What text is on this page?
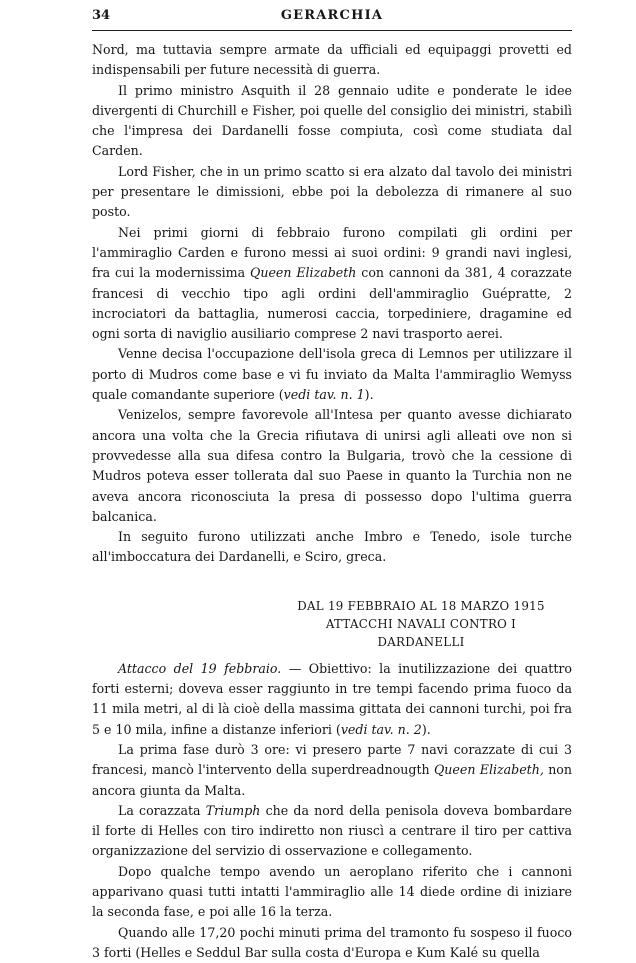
34	GERARCHIA

Nord, ma tuttavia sempre armate da ufficiali ed equipaggi provetti ed indispensabili per future necessità di guerra.

Il primo ministro Asquith il 28 gennaio udite e ponderate le idee divergenti di Churchill e Fisher, poi quelle del consiglio dei ministri, stabilì che l'impresa dei Dardanelli fosse compiuta, così come studiata dal Carden.

Lord Fisher, che in un primo scatto si era alzato dal tavolo dei ministri per presentare le dimissioni, ebbe poi la debolezza di rimanere al suo posto.

Nei primi giorni di febbraio furono compilati gli ordini per l'ammiraglio Carden e furono messi ai suoi ordini: 9 grandi navi inglesi, fra cui la modernissima Queen Elizabeth con cannoni da 381, 4 corazzate francesi di vecchio tipo agli ordini dell'ammiraglio Guépratte, 2 incrociatori da battaglia, numerosi caccia, torpediniere, dragamine ed ogni sorta di naviglio ausiliario comprese 2 navi trasporto aerei.

Venne decisa l'occupazione dell'isola greca di Lemnos per utilizzare il porto di Mudros come base e vi fu inviato da Malta l'ammiraglio Wemyss quale comandante superiore (vedi tav. n. 1).

Venizelos, sempre favorevole all'Intesa per quanto avesse dichiarato ancora una volta che la Grecia rifiutava di unirsi agli alleati ove non si provvedesse alla sua difesa contro la Bulgaria, trovò che la cessione di Mudros poteva esser tollerata dal suo Paese in quanto la Turchia non ne aveva ancora riconosciuta la presa di possesso dopo l'ultima guerra balcanica.

In seguito furono utilizzati anche Imbro e Tenedo, isole turche all'imboccatura dei Dardanelli, e Sciro, greca.

DAL 19 FEBBRAIO AL 18 MARZO 1915
ATTACCHI NAVALI CONTRO I DARDANELLI

Attacco del 19 febbraio. — Obiettivo: la inutilizzazione dei quattro forti esterni; doveva esser raggiunto in tre tempi facendo prima fuoco da 11 mila metri, al di là cioè della massima gittata dei cannoni turchi, poi fra 5 e 10 mila, infine a distanze inferiori (vedi tav. n. 2).

La prima fase durò 3 ore: vi presero parte 7 navi corazzate di cui 3 francesi, mancò l'intervento della superdreadnougth Queen Elizabeth, non ancora giunta da Malta.

La corazzata Triumph che da nord della penisola doveva bombardare il forte di Helles con tiro indiretto non riuscì a centrare il tiro per cattiva organizzazione del servizio di osservazione e collegamento.

Dopo qualche tempo avendo un aeroplano riferito che i cannoni apparivano quasi tutti intatti l'ammiraglio alle 14 diede ordine di iniziare la seconda fase, e poi alle 16 la terza.

Quando alle 17,20 pochi minuti prima del tramonto fu sospeso il fuoco 3 forti (Helles e Seddul Bar sulla costa d'Europa e Kum Kalé su quella
